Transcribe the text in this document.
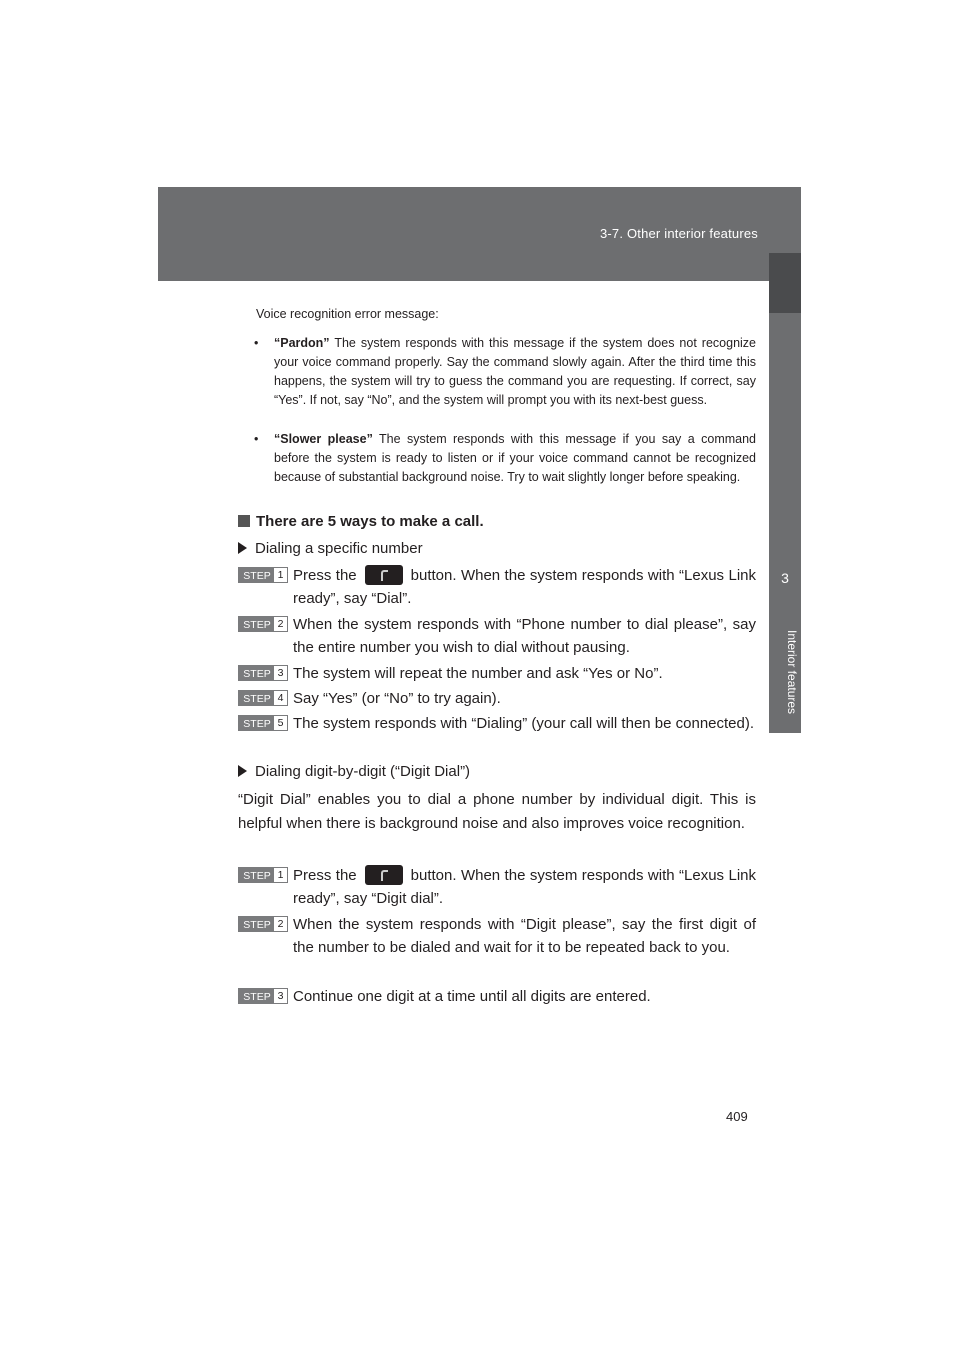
3-7. Other interior features
3
Interior features
Voice recognition error message:
• “Pardon” The system responds with this message if the system does not recognize your voice command properly. Say the command slowly again. After the third time this happens, the system will try to guess the command you are requesting. If correct, say “Yes”. If not, say “No”, and the system will prompt you with its next-best guess.
• “Slower please” The system responds with this message if you say a command before the system is ready to listen or if your voice command cannot be recognized because of substantial background noise. Try to wait slightly longer before speaking.
There are 5 ways to make a call.
Dialing a specific number
STEP 1 Press the	button. When the system responds with “Lexus Link ready”, say “Dial”.
STEP 2 When the system responds with “Phone number to dial please”, say the entire number you wish to dial without pausing.
STEP 3 The system will repeat the number and ask “Yes or No”.
STEP 4 Say “Yes” (or “No” to try again).
STEP 5 The system responds with “Dialing” (your call will then be connected).
Dialing digit-by-digit (“Digit Dial”)
“Digit Dial” enables you to dial a phone number by individual digit. This is helpful when there is background noise and also improves voice recognition.
STEP 1 Press the	button. When the system responds with “Lexus Link ready”, say “Digit dial”.
STEP 2 When the system responds with “Digit please”, say the first digit of the number to be dialed and wait for it to be repeated back to you.
STEP 3 Continue one digit at a time until all digits are entered.
409
